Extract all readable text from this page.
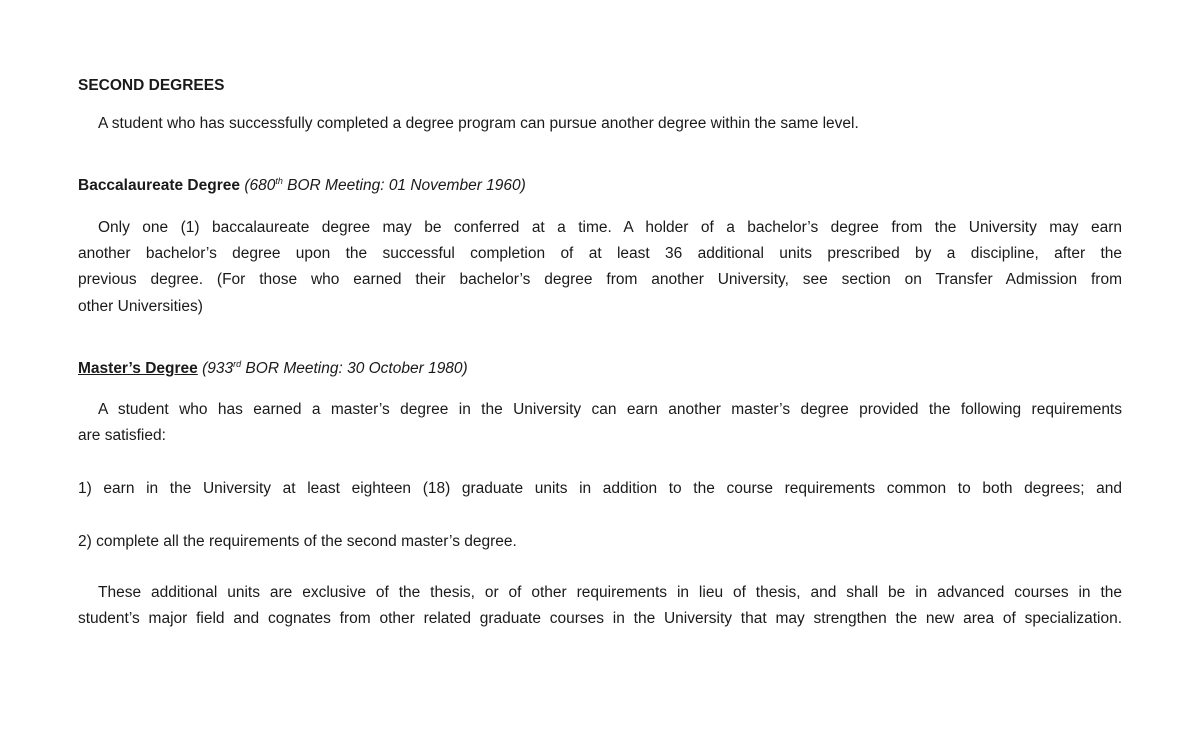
SECOND DEGREES
A student who has successfully completed a degree program can pursue another degree within the same level.
Baccalaureate Degree (680th BOR Meeting: 01 November 1960)
Only one (1) baccalaureate degree may be conferred at a time. A holder of a bachelor’s degree from the University may earn
another bachelor’s degree upon the successful completion of at least 36 additional units prescribed by a discipline, after the
previous degree. (For those who earned their bachelor’s degree from another University, see section on Transfer Admission from
other Universities)
Master’s Degree (933rd BOR Meeting: 30 October 1980)
A student who has earned a master’s degree in the University can earn another master’s degree provided the following requirements
are satisfied:
1) earn in the University at least eighteen (18) graduate units in addition to the course requirements common to both degrees; and
2) complete all the requirements of the second master’s degree.
These additional units are exclusive of the thesis, or of other requirements in lieu of thesis, and shall be in advanced courses in the
student’s major field and cognates from other related graduate courses in the University that may strengthen the new area of specialization.
